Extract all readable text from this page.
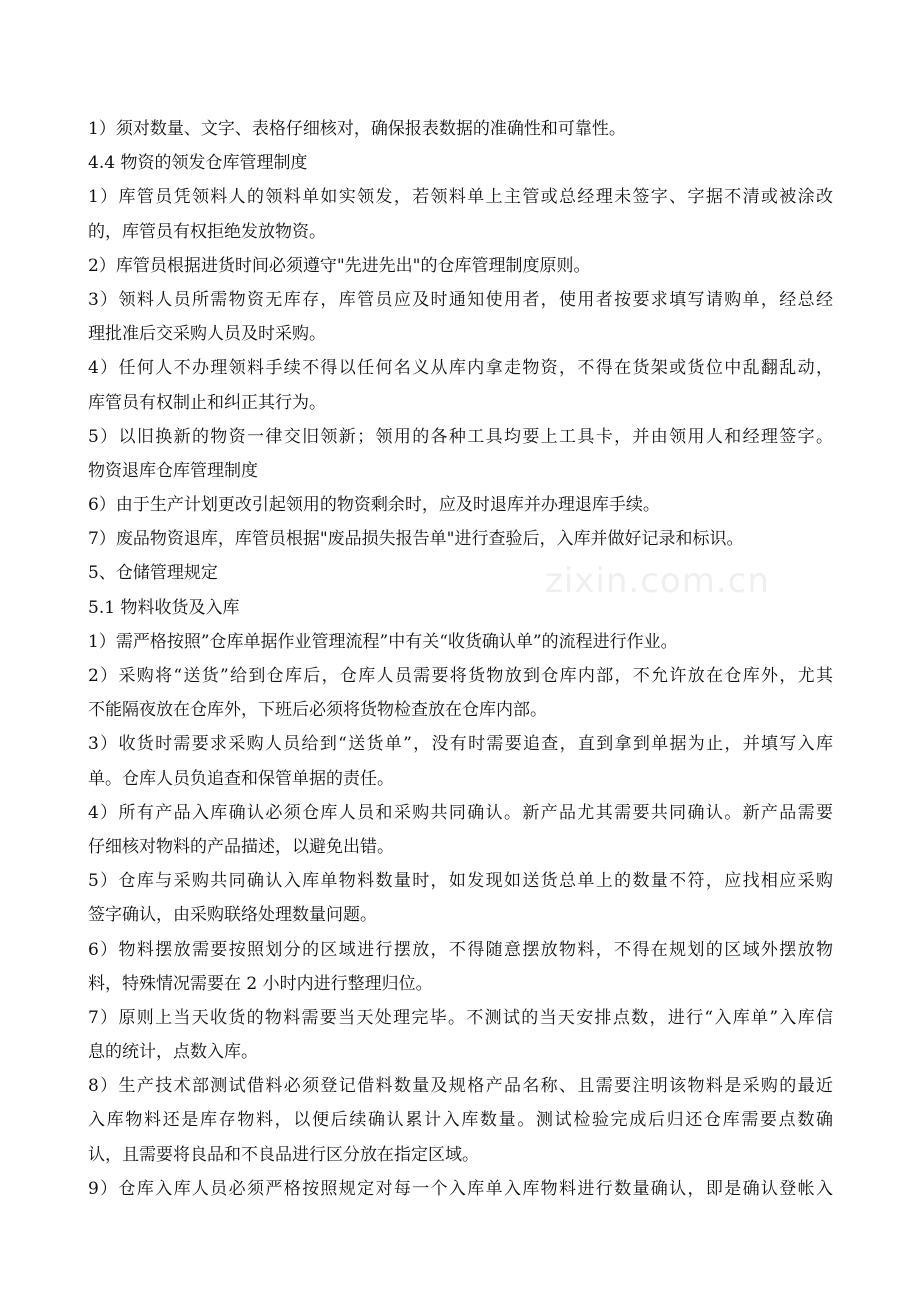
1）须对数量、文字、表格仔细核对，确保报表数据的准确性和可靠性。
4.4 物资的领发仓库管理制度
1）库管员凭领料人的领料单如实领发，若领料单上主管或总经理未签字、字据不清或被涂改
的，库管员有权拒绝发放物资。
2）库管员根据进货时间必须遵守"先进先出"的仓库管理制度原则。
3）领料人员所需物资无库存，库管员应及时通知使用者，使用者按要求填写请购单，经总经
理批准后交采购人员及时采购。
4）任何人不办理领料手续不得以任何名义从库内拿走物资，不得在货架或货位中乱翻乱动，
库管员有权制止和纠正其行为。
5）以旧换新的物资一律交旧领新；领用的各种工具均要上工具卡，并由领用人和经理签字。
物资退库仓库管理制度
6）由于生产计划更改引起领用的物资剩余时，应及时退库并办理退库手续。
7）废品物资退库，库管员根据"废品损失报告单"进行查验后，入库并做好记录和标识。
5、仓储管理规定
5.1 物料收货及入库
1）需严格按照”仓库单据作业管理流程”中有关“收货确认单”的流程进行作业。
2）采购将“送货”给到仓库后，仓库人员需要将货物放到仓库内部，不允许放在仓库外，尤其
不能隔夜放在仓库外，下班后必须将货物检查放在仓库内部。
3）收货时需要求采购人员给到“送货单”，没有时需要追查，直到拿到单据为止，并填写入库
单。仓库人员负追查和保管单据的责任。
4）所有产品入库确认必须仓库人员和采购共同确认。新产品尤其需要共同确认。新产品需要
仔细核对物料的产品描述，以避免出错。
5）仓库与采购共同确认入库单物料数量时，如发现如送货总单上的数量不符，应找相应采购
签字确认，由采购联络处理数量问题。
6）物料摆放需要按照划分的区域进行摆放，不得随意摆放物料，不得在规划的区域外摆放物
料，特殊情况需要在 2 小时内进行整理归位。
7）原则上当天收货的物料需要当天处理完毕。不测试的当天安排点数，进行“入库单”入库信
息的统计，点数入库。
8）生产技术部测试借料必须登记借料数量及规格产品名称、且需要注明该物料是采购的最近
入库物料还是库存物料，以便后续确认累计入库数量。测试检验完成后归还仓库需要点数确
认，且需要将良品和不良品进行区分放在指定区域。
9）仓库入库人员必须严格按照规定对每一个入库单入库物料进行数量确认，即是确认登帐入
zixin.com.cn
